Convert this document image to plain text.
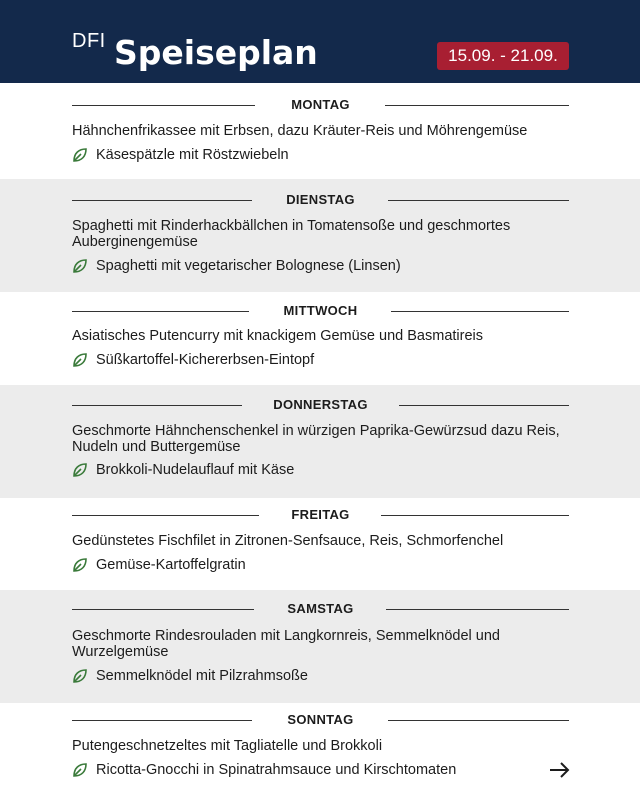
DFI Speiseplan	15.09. - 21.09.
MONTAG
Hähnchenfrikassee mit Erbsen, dazu Kräuter-Reis und Möhrengemüse
Käsespätzle mit Röstzwiebeln
DIENSTAG
Spaghetti mit Rinderhackbällchen in Tomatensoße und geschmortes Auberginengemüse
Spaghetti mit vegetarischer Bolognese (Linsen)
MITTWOCH
Asiatisches Putencurry mit knackigem Gemüse und Basmatireis
Süßkartoffel-Kichererbsen-Eintopf
DONNERSTAG
Geschmorte Hähnchenschenkel in würzigen Paprika-Gewürzsud dazu Reis, Nudeln und Buttergemüse
Brokkoli-Nudelauflauf mit Käse
FREITAG
Gedünstetes Fischfilet in Zitronen-Senfsauce, Reis, Schmorfenchel
Gemüse-Kartoffelgratin
SAMSTAG
Geschmorte Rindesrouladen mit Langkornreis, Semmelknödel und Wurzelgemüse
Semmelknödel mit Pilzrahmsoße
SONNTAG
Putengeschnetzeltes mit Tagliatelle und Brokkoli
Ricotta-Gnocchi in Spinatrahmsauce und Kirschtomaten
